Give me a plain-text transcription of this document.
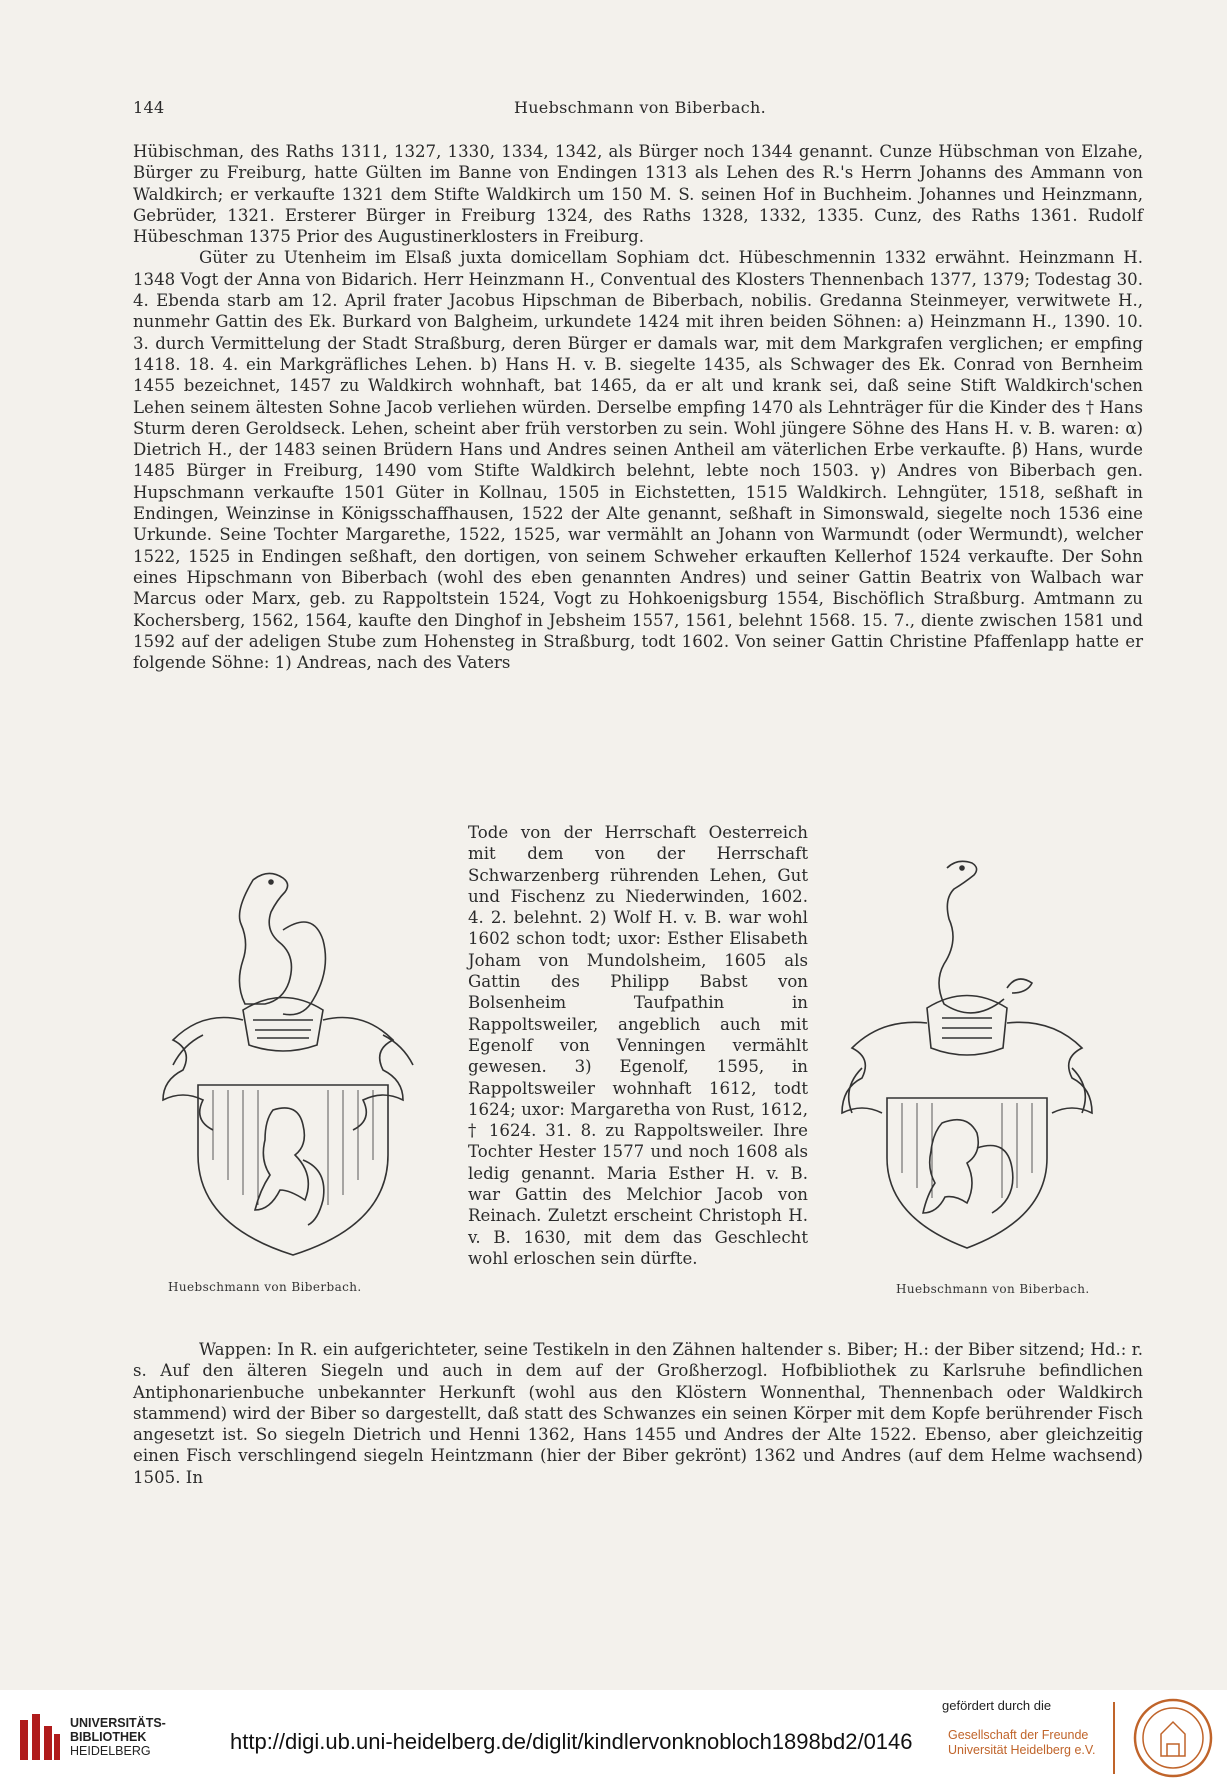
144	Huebschmann von Biberbach.

Hübischman, des Raths 1311, 1327, 1330, 1334, 1342, als Bürger noch 1344 genannt. Cunze Hübschman von Elzahe, Bürger zu Freiburg, hatte Gülten im Banne von Endingen 1313 als Lehen des R.'s Herrn Johanns des Ammann von Waldkirch; er verkaufte 1321 dem Stifte Waldkirch um 150 M. S. seinen Hof in Buchheim. Johannes und Heinzmann, Gebrüder, 1321. Ersterer Bürger in Freiburg 1324, des Raths 1328, 1332, 1335. Cunz, des Raths 1361. Rudolf Hübeschman 1375 Prior des Augustinerklosters in Freiburg.

Güter zu Utenheim im Elsaß juxta domicellam Sophiam dct. Hübeschmennin 1332 erwähnt. Heinzmann H. 1348 Vogt der Anna von Bidarich. Herr Heinzmann H., Conventual des Klosters Thennenbach 1377, 1379; Todestag 30. 4. Ebenda starb am 12. April frater Jacobus Hipschman de Biberbach, nobilis. Gredanna Steinmeyer, verwitwete H., nunmehr Gattin des Ek. Burkard von Balgheim, urkundete 1424 mit ihren beiden Söhnen: a) Heinzmann H., 1390. 10. 3. durch Vermittelung der Stadt Straßburg, deren Bürger er damals war, mit dem Markgrafen verglichen; er empfing 1418. 18. 4. ein Markgräfliches Lehen. b) Hans H. v. B. siegelte 1435, als Schwager des Ek. Conrad von Bernheim 1455 bezeichnet, 1457 zu Waldkirch wohnhaft, bat 1465, da er alt und krank sei, daß seine Stift Waldkirch'schen Lehen seinem ältesten Sohne Jacob verliehen würden. Derselbe empfing 1470 als Lehnträger für die Kinder des † Hans Sturm deren Geroldseck. Lehen, scheint aber früh verstorben zu sein. Wohl jüngere Söhne des Hans H. v. B. waren: α) Dietrich H., der 1483 seinen Brüdern Hans und Andres seinen Antheil am väterlichen Erbe verkaufte. β) Hans, wurde 1485 Bürger in Freiburg, 1490 vom Stifte Waldkirch belehnt, lebte noch 1503. γ) Andres von Biberbach gen. Hupschmann verkaufte 1501 Güter in Kollnau, 1505 in Eichstetten, 1515 Waldkirch. Lehngüter, 1518, seßhaft in Endingen, Weinzinse in Königsschaffhausen, 1522 der Alte genannt, seßhaft in Simonswald, siegelte noch 1536 eine Urkunde. Seine Tochter Margarethe, 1522, 1525, war vermählt an Johann von Warmundt (oder Wermundt), welcher 1522, 1525 in Endingen seßhaft, den dortigen, von seinem Schweher erkauften Kellerhof 1524 verkaufte. Der Sohn eines Hipschmann von Biberbach (wohl des eben genannten Andres) und seiner Gattin Beatrix von Walbach war Marcus oder Marx, geb. zu Rappoltstein 1524, Vogt zu Hohkoenigsburg 1554, Bischöflich Straßburg. Amtmann zu Kochersberg, 1562, 1564, kaufte den Dinghof in Jebsheim 1557, 1561, belehnt 1568. 15. 7., diente zwischen 1581 und 1592 auf der adeligen Stube zum Hohensteg in Straßburg, todt 1602. Von seiner Gattin Christine Pfaffenlapp hatte er folgende Söhne: 1) Andreas, nach des Vaters

Tode von der Herrschaft Oesterreich mit dem von der Herrschaft Schwarzenberg rührenden Lehen, Gut und Fischenz zu Niederwinden, 1602. 4. 2. belehnt. 2) Wolf H. v. B. war wohl 1602 schon todt; uxor: Esther Elisabeth Joham von Mundolsheim, 1605 als Gattin des Philipp Babst von Bolsenheim Taufpathin in Rappoltsweiler, angeblich auch mit Egenolf von Venningen vermählt gewesen. 3) Egenolf, 1595, in Rappoltsweiler wohnhaft 1612, todt 1624; uxor: Margaretha von Rust, 1612, † 1624. 31. 8. zu Rappoltsweiler. Ihre Tochter Hester 1577 und noch 1608 als ledig genannt. Maria Esther H. v. B. war Gattin des Melchior Jacob von Reinach. Zuletzt erscheint Christoph H. v. B. 1630, mit dem das Geschlecht wohl erloschen sein dürfte.
Huebschmann von Biberbach.	Huebschmann von Biberbach.

Wappen: In R. ein aufgerichteter, seine Testikeln in den Zähnen haltender s. Biber; H.: der Biber sitzend; Hd.: r. s. Auf den älteren Siegeln und auch in dem auf der Großherzogl. Hofbibliothek zu Karlsruhe befindlichen Antiphonarienbuche unbekannter Herkunft (wohl aus den Klöstern Wonnenthal, Thennenbach oder Waldkirch stammend) wird der Biber so dargestellt, daß statt des Schwanzes ein seinen Körper mit dem Kopfe berührender Fisch angesetzt ist. So siegeln Dietrich und Henni 1362, Hans 1455 und Andres der Alte 1522. Ebenso, aber gleichzeitig einen Fisch verschlingend siegeln Heintzmann (hier der Biber gekrönt) 1362 und Andres (auf dem Helme wachsend) 1505. In

UNIVERSITÄTS-
BIBLIOTHEK
HEIDELBERG	http://digi.ub.uni-heidelberg.de/diglit/kindlervonknobloch1898bd2/0146
gefördert durch die
Gesellschaft der Freunde
Universität Heidelberg e.V.
